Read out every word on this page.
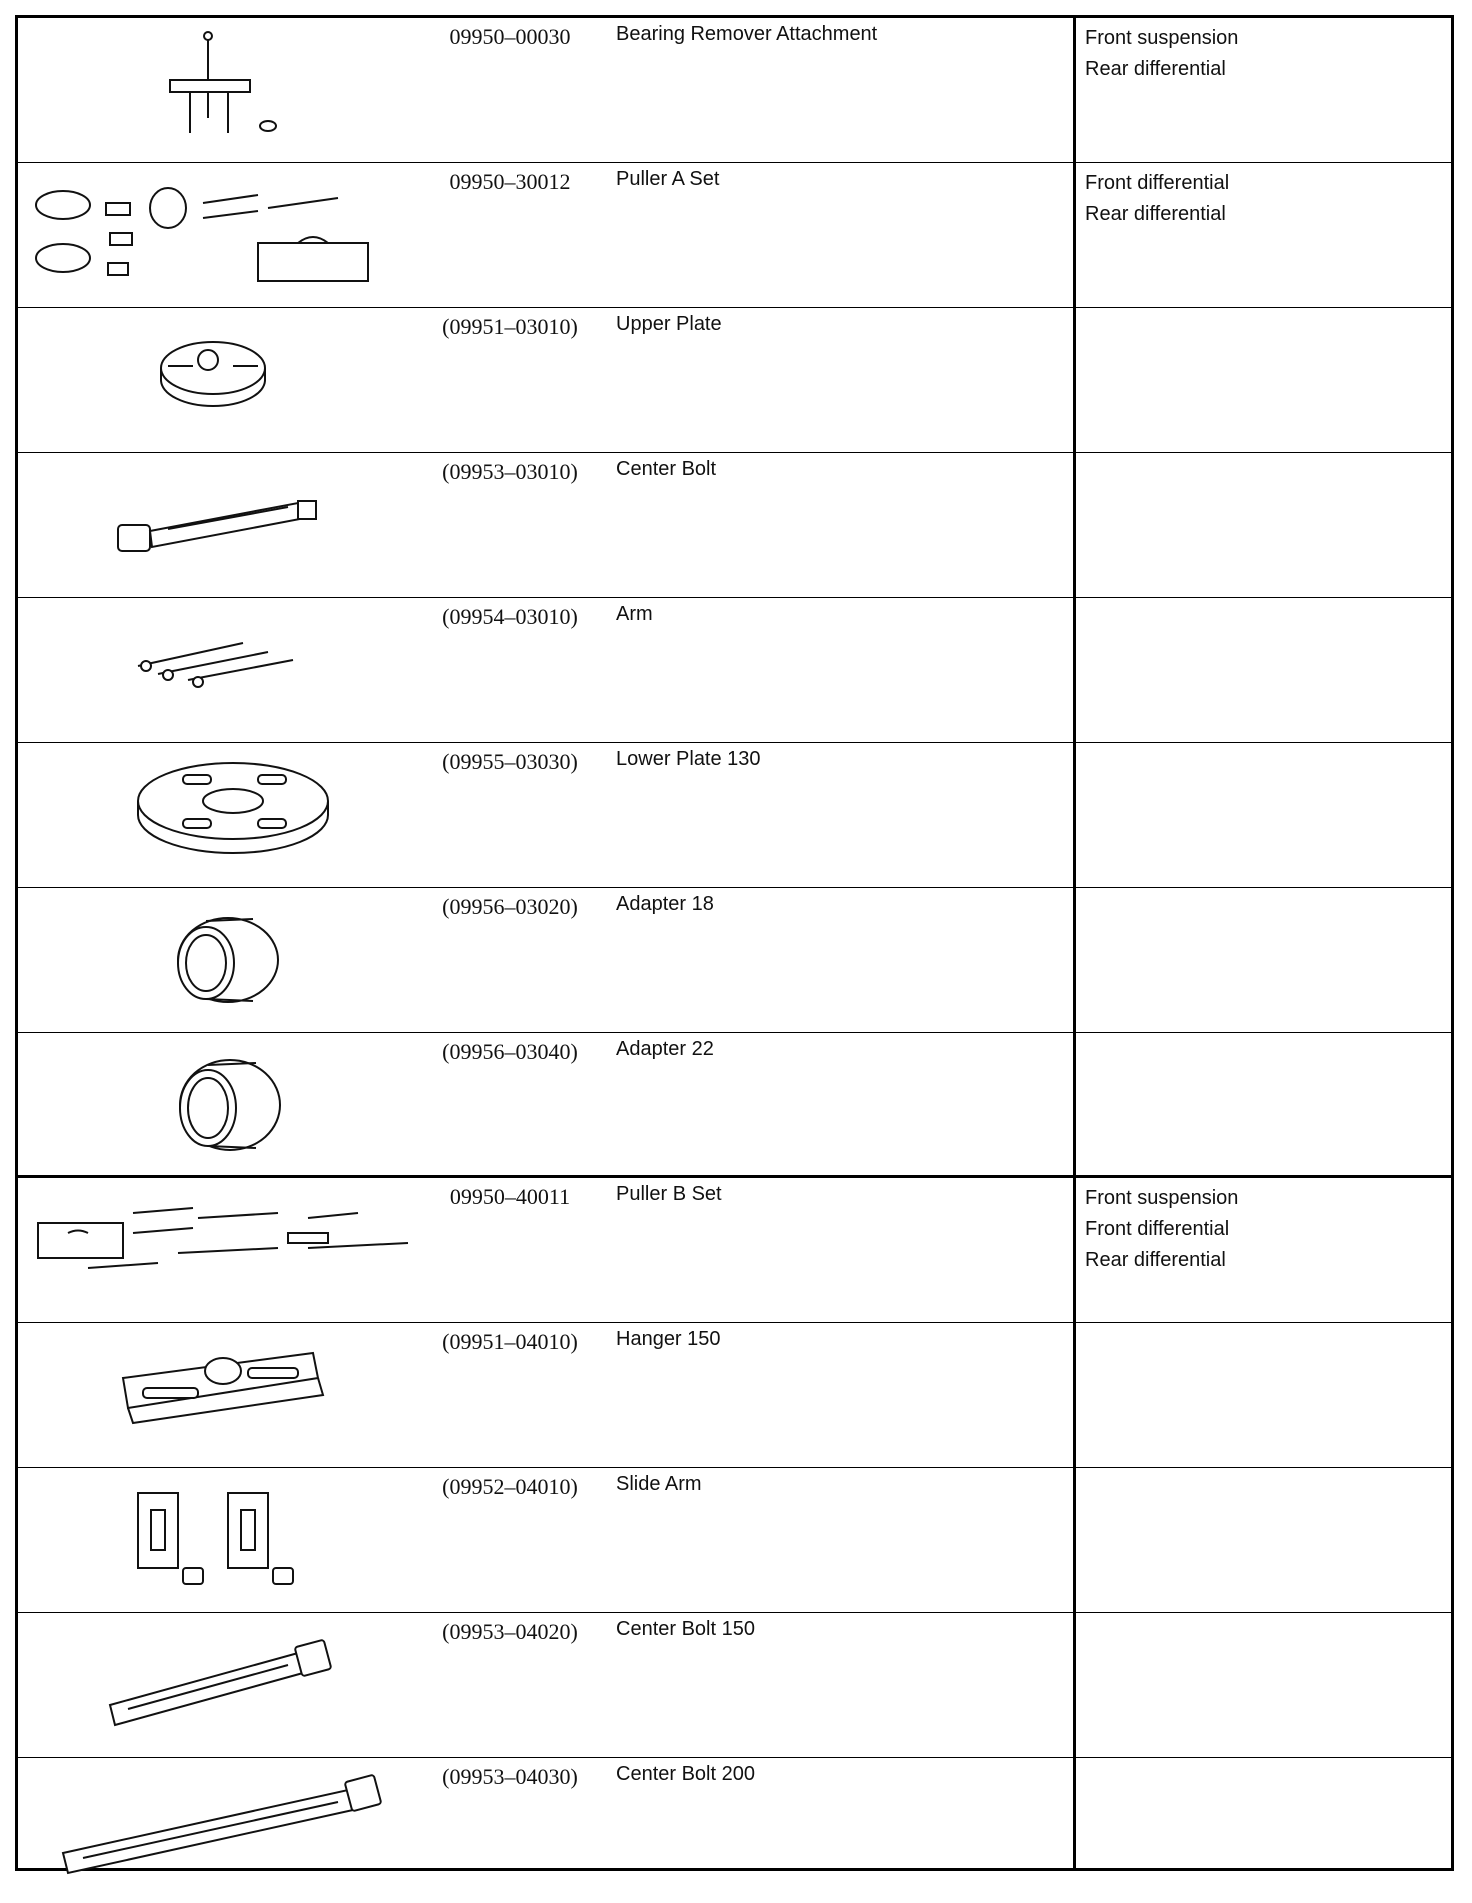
09950–00030	Bearing Remover Attachment	Front suspension
Rear differential
09950–30012	Puller A Set	Front differential
Rear differential
(09951–03010)	Upper Plate
(09953–03010)	Center Bolt
(09954–03010)	Arm
(09955–03030)	Lower Plate 130
(09956–03020)	Adapter 18
(09956–03040)	Adapter 22
09950–40011	Puller B Set	Front suspension
Front differential
Rear differential
(09951–04010)	Hanger 150
(09952–04010)	Slide Arm
(09953–04020)	Center Bolt 150
(09953–04030)	Center Bolt 200
